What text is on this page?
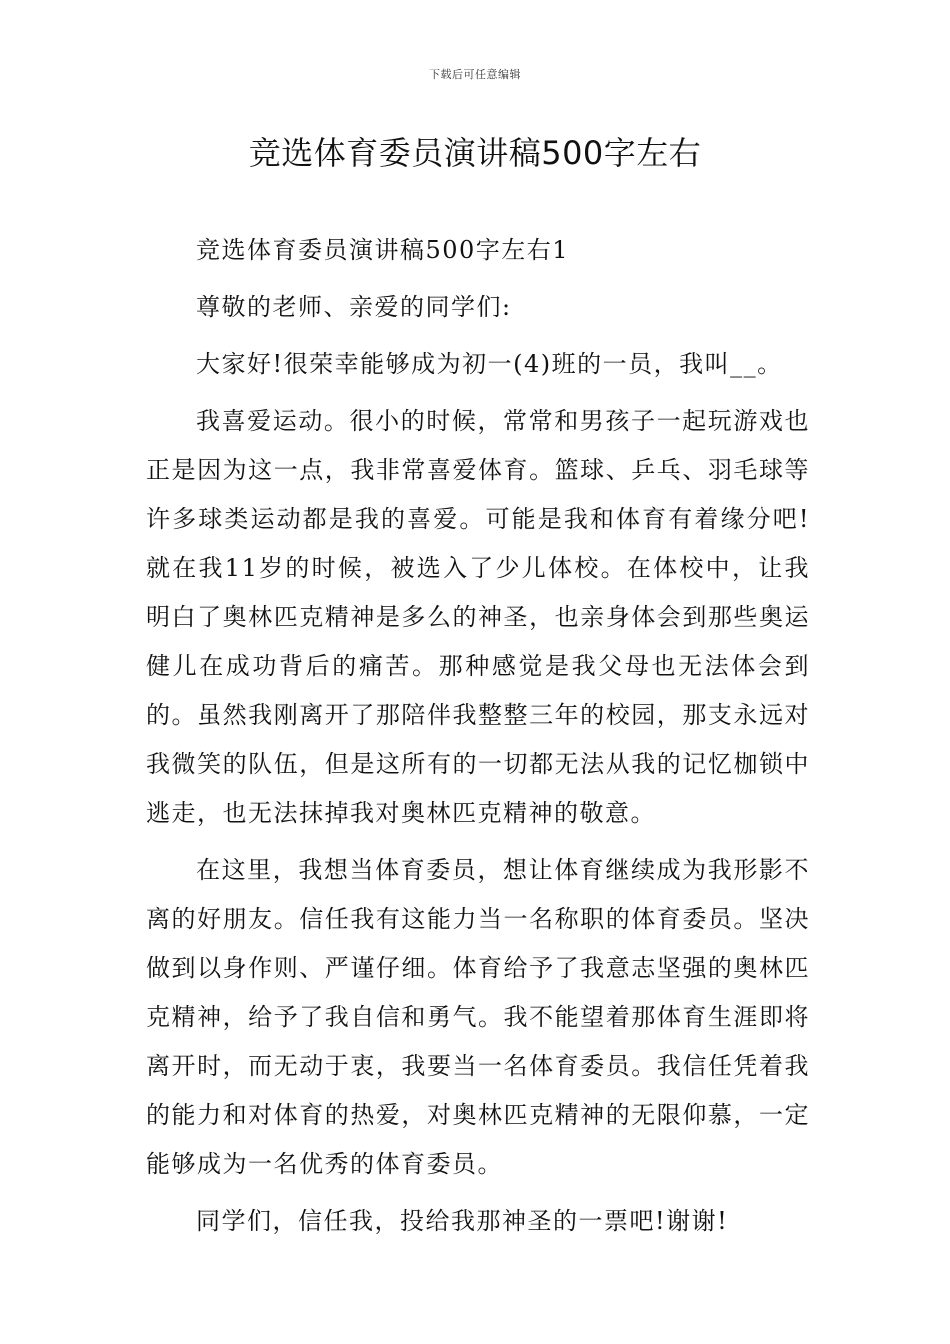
下载后可任意编辑
竞选体育委员演讲稿500字左右

竞选体育委员演讲稿500字左右1

尊敬的老师、亲爱的同学们:

大家好!很荣幸能够成为初一(4)班的一员，我叫__。

我喜爱运动。很小的时候，常常和男孩子一起玩游戏也正是因为这一点，我非常喜爱体育。篮球、乒乓、羽毛球等许多球类运动都是我的喜爱。可能是我和体育有着缘分吧!就在我11岁的时候，被选入了少儿体校。在体校中，让我明白了奥林匹克精神是多么的神圣，也亲身体会到那些奥运健儿在成功背后的痛苦。那种感觉是我父母也无法体会到的。虽然我刚离开了那陪伴我整整三年的校园，那支永远对我微笑的队伍，但是这所有的一切都无法从我的记忆枷锁中逃走，也无法抹掉我对奥林匹克精神的敬意。

在这里，我想当体育委员，想让体育继续成为我形影不离的好朋友。信任我有这能力当一名称职的体育委员。坚决做到以身作则、严谨仔细。体育给予了我意志坚强的奥林匹克精神，给予了我自信和勇气。我不能望着那体育生涯即将离开时，而无动于衷，我要当一名体育委员。我信任凭着我的能力和对体育的热爱，对奥林匹克精神的无限仰慕，一定能够成为一名优秀的体育委员。

同学们，信任我，投给我那神圣的一票吧!谢谢!
